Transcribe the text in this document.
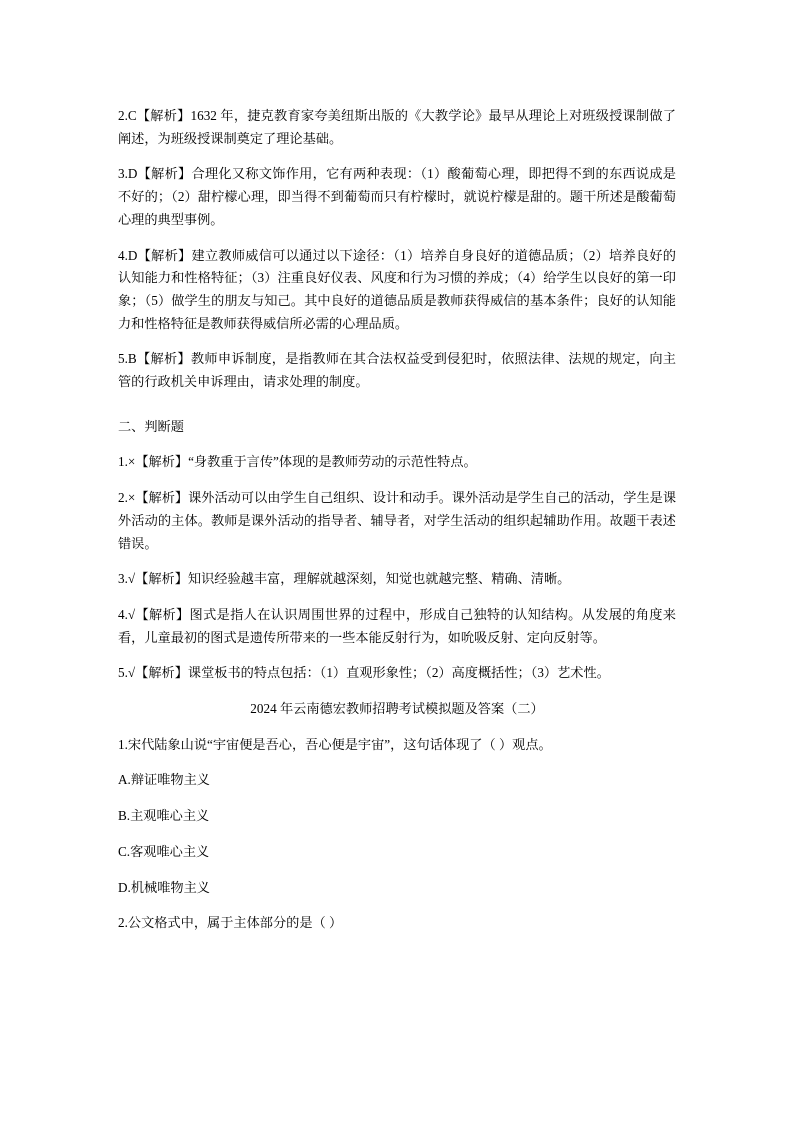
2.C【解析】1632 年，捷克教育家夸美纽斯出版的《大教学论》最早从理论上对班级授课制做了阐述，为班级授课制奠定了理论基础。

3.D【解析】合理化又称文饰作用，它有两种表现：（1）酸葡萄心理，即把得不到的东西说成是不好的；（2）甜柠檬心理，即当得不到葡萄而只有柠檬时，就说柠檬是甜的。题干所述是酸葡萄心理的典型事例。

4.D【解析】建立教师威信可以通过以下途径：（1）培养自身良好的道德品质；（2）培养良好的认知能力和性格特征；（3）注重良好仪表、风度和行为习惯的养成；（4）给学生以良好的第一印象；（5）做学生的朋友与知己。其中良好的道德品质是教师获得威信的基本条件；良好的认知能力和性格特征是教师获得威信所必需的心理品质。

5.B【解析】教师申诉制度，是指教师在其合法权益受到侵犯时，依照法律、法规的规定，向主管的行政机关申诉理由，请求处理的制度。

二、判断题

1.×【解析】“身教重于言传”体现的是教师劳动的示范性特点。

2.×【解析】课外活动可以由学生自己组织、设计和动手。课外活动是学生自己的活动，学生是课外活动的主体。教师是课外活动的指导者、辅导者，对学生活动的组织起辅助作用。故题干表述错误。

3.√【解析】知识经验越丰富，理解就越深刻，知觉也就越完整、精确、清晰。

4.√【解析】图式是指人在认识周围世界的过程中，形成自己独特的认知结构。从发展的角度来看，儿童最初的图式是遗传所带来的一些本能反射行为，如吮吸反射、定向反射等。

5.√【解析】课堂板书的特点包括：（1）直观形象性；（2）高度概括性；（3）艺术性。

2024 年云南德宏教师招聘考试模拟题及答案（二）

1.宋代陆象山说“宇宙便是吾心，吾心便是宇宙”，这句话体现了（ ）观点。

A.辩证唯物主义

B.主观唯心主义

C.客观唯心主义

D.机械唯物主义

2.公文格式中，属于主体部分的是（ ）
